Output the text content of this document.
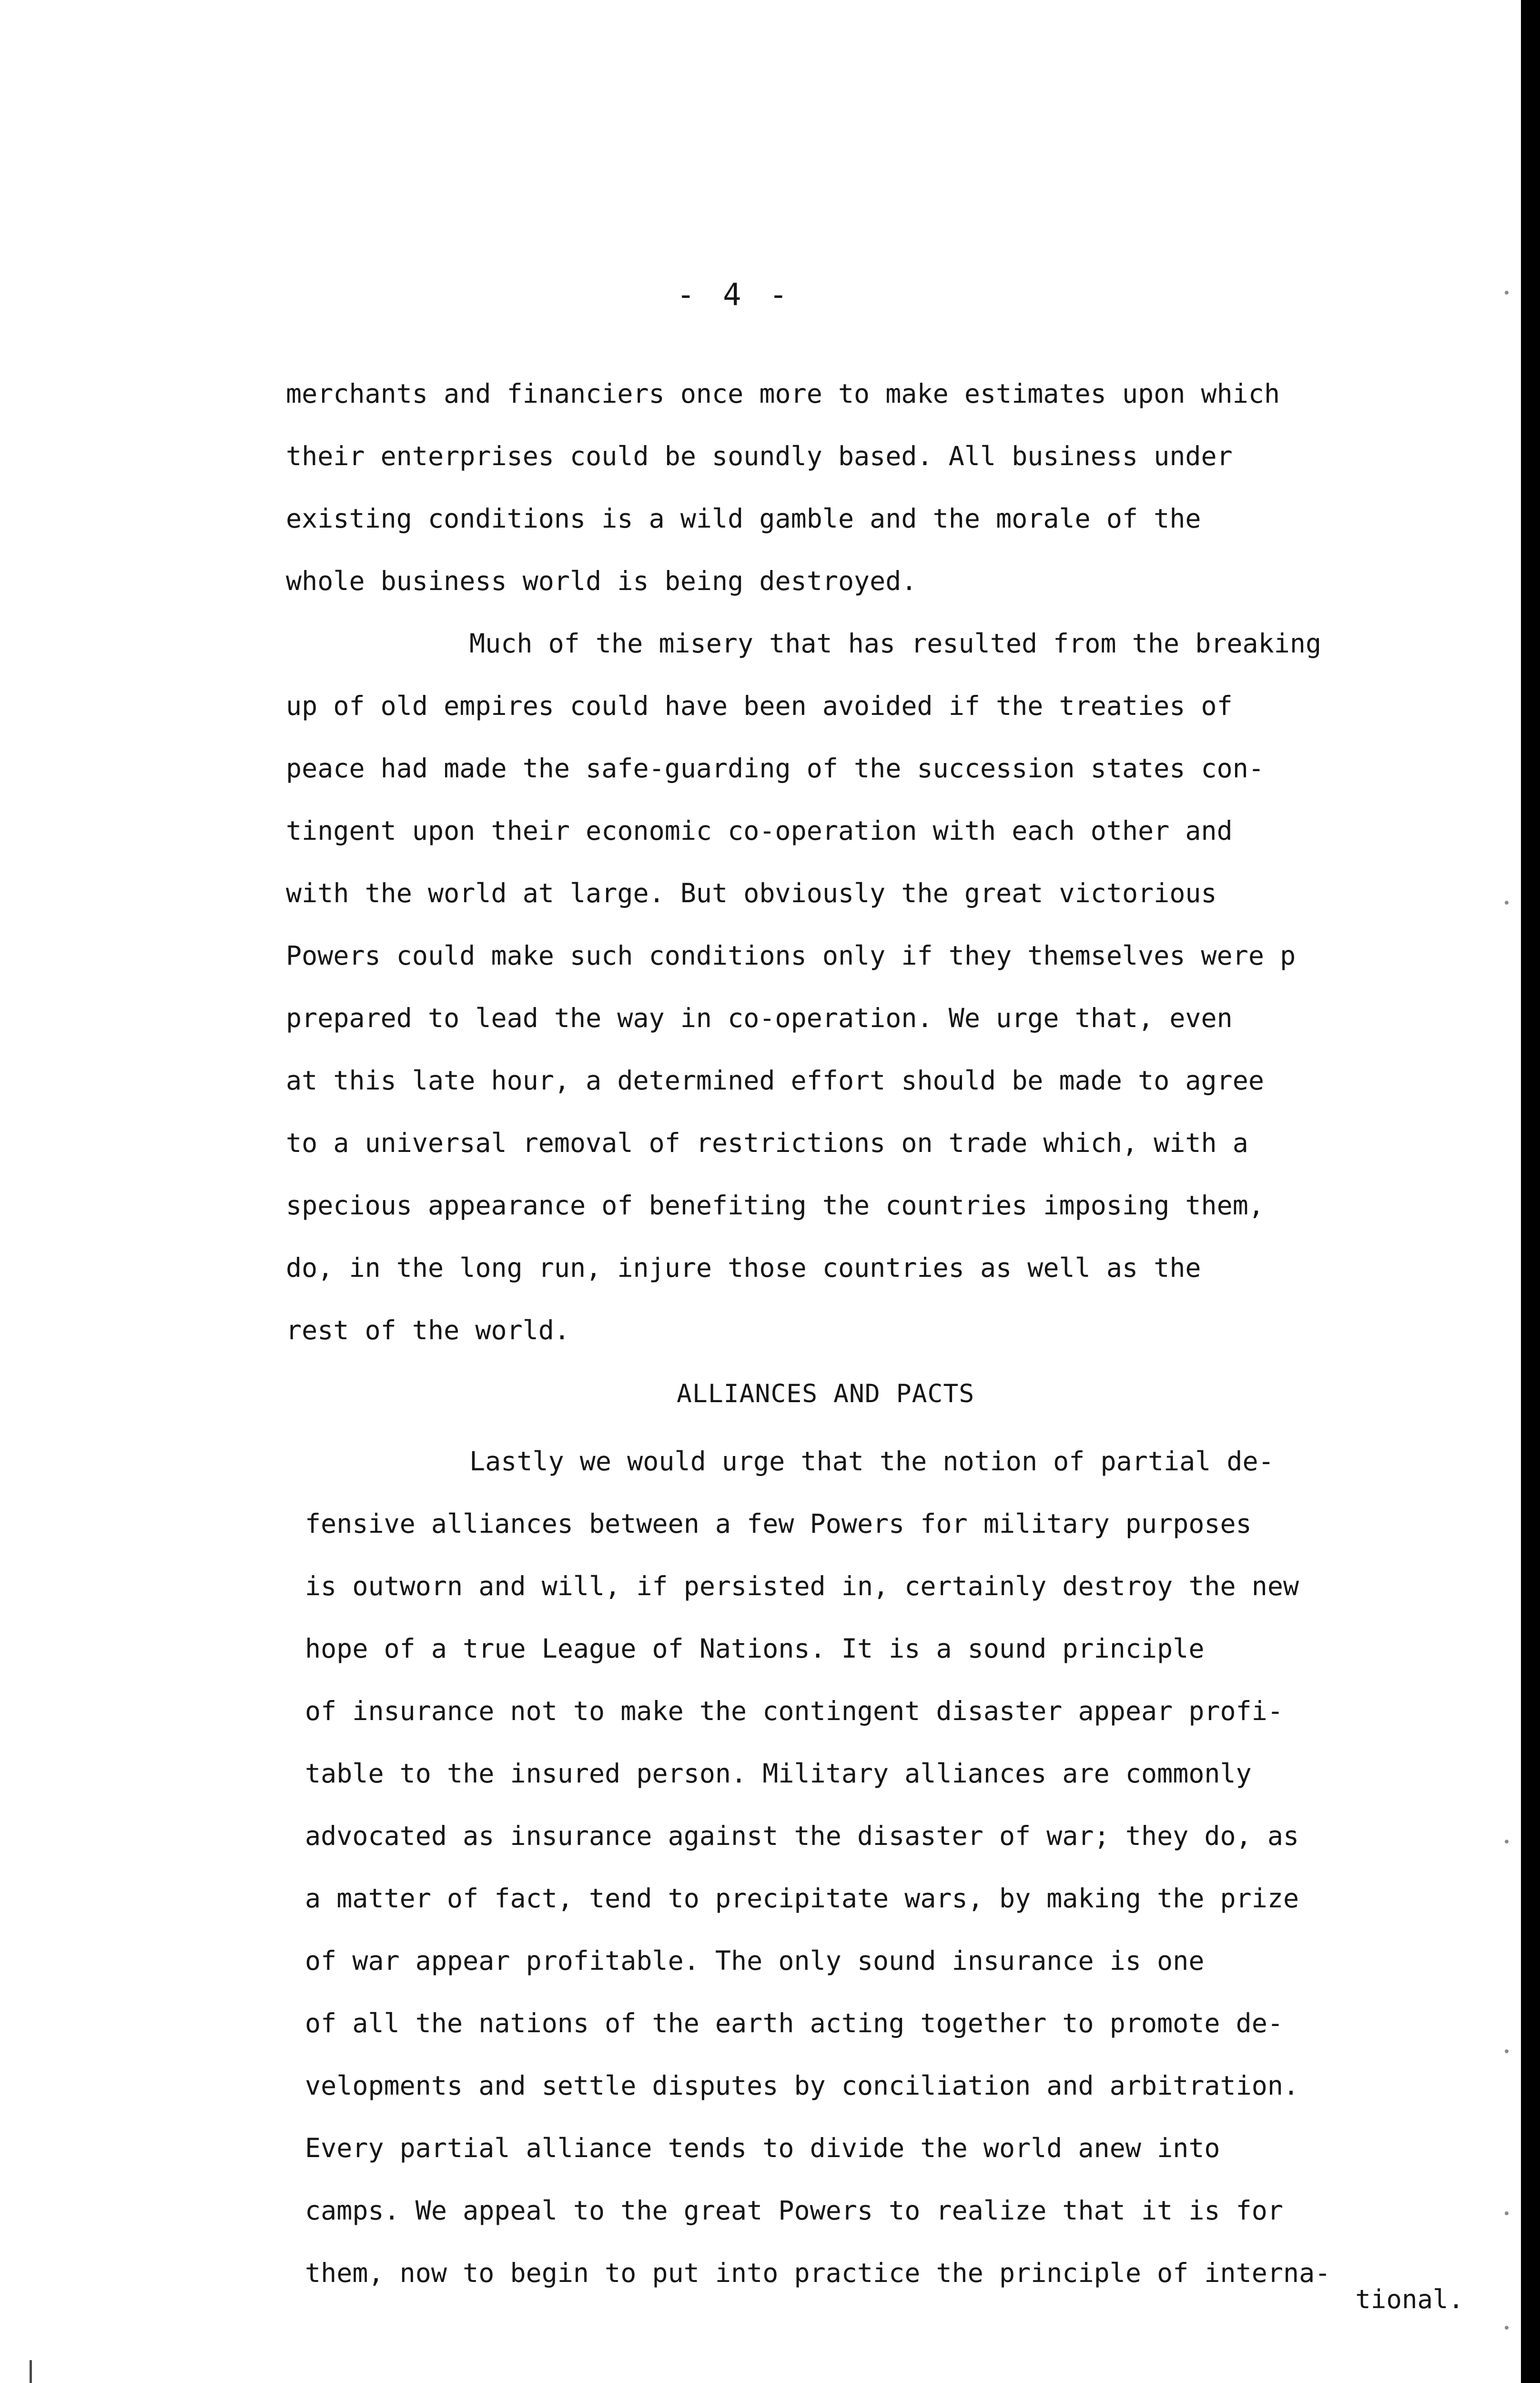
- 4 -
merchants and financiers once more to make estimates upon which
their enterprises could be soundly based. All business under
existing conditions is a wild gamble and the morale of the
whole business world is being destroyed.
Much of the misery that has resulted from the breaking
up of old empires could have been avoided if the treaties of
peace had made the safe-guarding of the succession states con-
tingent upon their economic co-operation with each other and
with the world at large. But obviously the great victorious
Powers could make such conditions only if they themselves were p
prepared to lead the way in co-operation. We urge that, even
at this late hour, a determined effort should be made to agree
to a universal removal of restrictions on trade which, with a
specious appearance of benefiting the countries imposing them,
do, in the long run, injure those countries as well as the
rest of the world.
ALLIANCES AND PACTS
Lastly we would urge that the notion of partial de-
fensive alliances between a few Powers for military purposes
is outworn and will, if persisted in, certainly destroy the new
hope of a true League of Nations. It is a sound principle
of insurance not to make the contingent disaster appear profi-
table to the insured person. Military alliances are commonly
advocated as insurance against the disaster of war; they do, as
a matter of fact, tend to precipitate wars, by making the prize
of war appear profitable. The only sound insurance is one
of all the nations of the earth acting together to promote de-
velopments and settle disputes by conciliation and arbitration.
Every partial alliance tends to divide the world anew into
camps. We appeal to the great Powers to realize that it is for
them, now to begin to put into practice the principle of interna-
tional.
